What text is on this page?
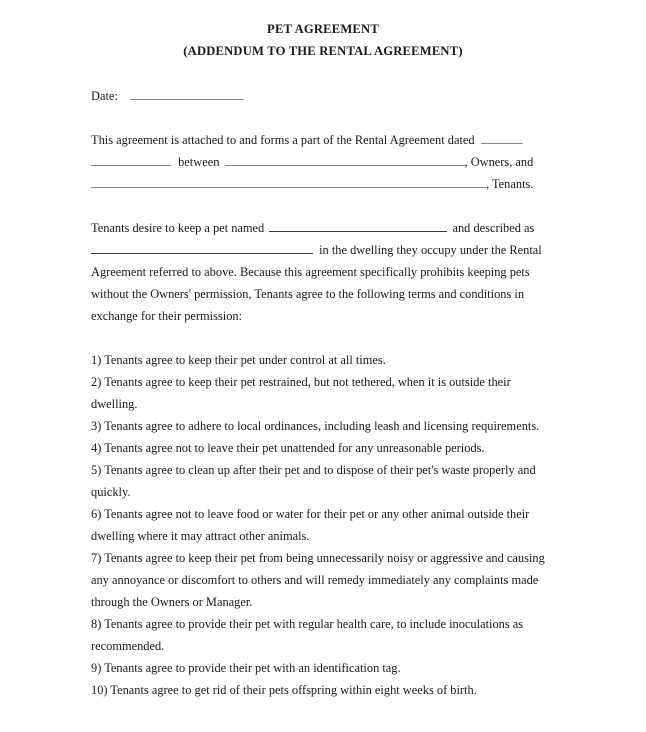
PET AGREEMENT
(ADDENDUM TO THE RENTAL AGREEMENT)
Date:
This agreement is attached to and forms a part of the Rental Agreement dated
between	, Owners, and
, Tenants.
Tenants desire to keep a pet named	and described as
in the dwelling they occupy under the Rental
Agreement referred to above. Because this agreement specifically prohibits keeping pets
without the Owners' permission, Tenants agree to the following terms and conditions in
exchange for their permission:
1) Tenants agree to keep their pet under control at all times.
2) Tenants agree to keep their pet restrained, but not tethered, when it is outside their
dwelling.
3) Tenants agree to adhere to local ordinances, including leash and licensing requirements.
4) Tenants agree not to leave their pet unattended for any unreasonable periods.
5) Tenants agree to clean up after their pet and to dispose of their pet's waste properly and
quickly.
6) Tenants agree not to leave food or water for their pet or any other animal outside their
dwelling where it may attract other animals.
7) Tenants agree to keep their pet from being unnecessarily noisy or aggressive and causing
any annoyance or discomfort to others and will remedy immediately any complaints made
through the Owners or Manager.
8) Tenants agree to provide their pet with regular health care, to include inoculations as
recommended.
9) Tenants agree to provide their pet with an identification tag.
10) Tenants agree to get rid of their pets offspring within eight weeks of birth.
